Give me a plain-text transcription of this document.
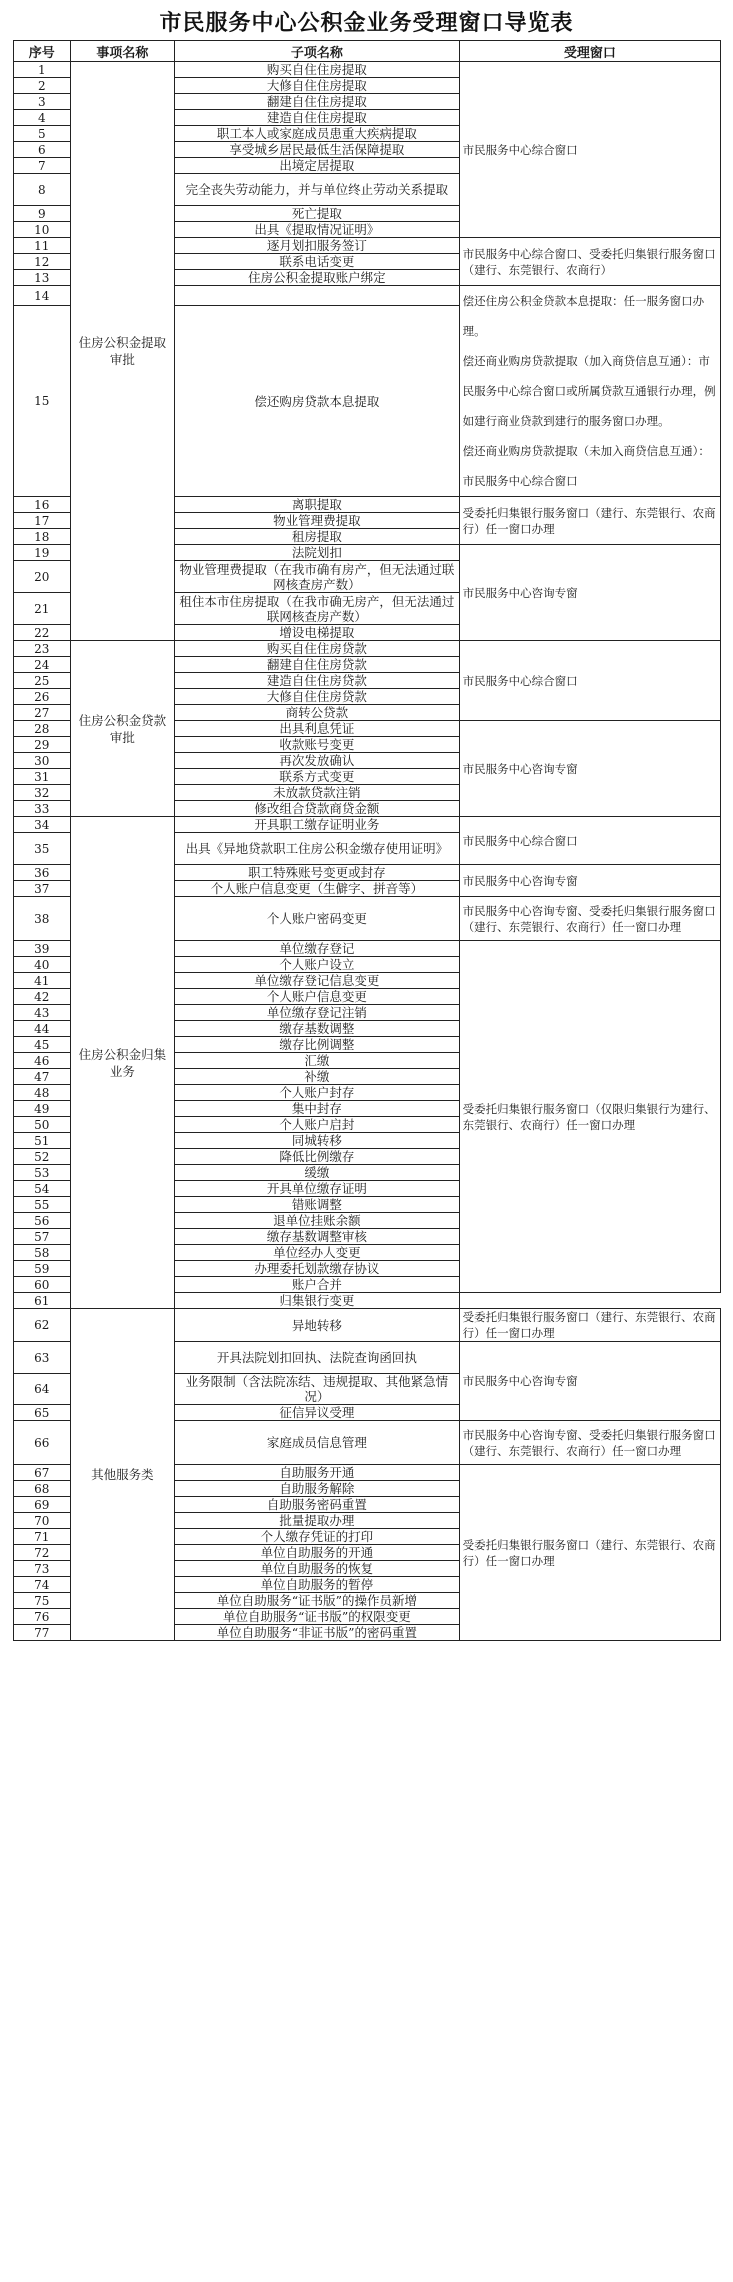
市民服务中心公积金业务受理窗口导览表
序号	事项名称	子项名称	受理窗口
1	住房公积金提取审批	购买自住住房提取	市民服务中心综合窗口
2		大修自住住房提取	
3		翻建自住住房提取	
4		建造自住住房提取	
5		职工本人或家庭成员患重大疾病提取	
6		享受城乡居民最低生活保障提取	
7		出境定居提取	
8		完全丧失劳动能力，并与单位终止劳动关系提取	
9		死亡提取	
10		出具《提取情况证明》	
11		逐月划扣服务签订	市民服务中心综合窗口、受委托归集银行服务窗口（建行、东莞银行、农商行）
12		联系电话变更	
13		住房公积金提取账户绑定	
14			偿还住房公积金贷款本息提取：任一服务窗口办理。
偿还商业购房贷款提取（加入商贷信息互通）：市民服务中心综合窗口或所属贷款互通银行办理，例如建行商业贷款到建行的服务窗口办理。
偿还商业购房贷款提取（未加入商贷信息互通）：市民服务中心综合窗口

15		偿还购房贷款本息提取	
16		离职提取	受委托归集银行服务窗口（建行、东莞银行、农商行）任一窗口办理
17		物业管理费提取	
18		租房提取	
19		法院划扣	市民服务中心咨询专窗
20		物业管理费提取（在我市确有房产，但无法通过联网核查房产数）	
21		租住本市住房提取（在我市确无房产，但无法通过联网核查房产数）	
22		增设电梯提取	
23	住房公积金贷款审批	购买自住住房贷款	市民服务中心综合窗口
24		翻建自住住房贷款	
25		建造自住住房贷款	
26		大修自住住房贷款	
27		商转公贷款	
28		出具利息凭证	市民服务中心咨询专窗
29		收款账号变更	
30		再次发放确认	
31		联系方式变更	
32		未放款贷款注销	
33		修改组合贷款商贷金额	
34	住房公积金归集业务	开具职工缴存证明业务	市民服务中心综合窗口
35		出具《异地贷款职工住房公积金缴存使用证明》	
36		职工特殊账号变更或封存	市民服务中心咨询专窗
37		个人账户信息变更（生僻字、拼音等）	
38		个人账户密码变更	市民服务中心咨询专窗、受委托归集银行服务窗口（建行、东莞银行、农商行）任一窗口办理
39		单位缴存登记	受委托归集银行服务窗口（仅限归集银行为建行、东莞银行、农商行）任一窗口办理
40		个人账户设立	
41		单位缴存登记信息变更	
42		个人账户信息变更	
43		单位缴存登记注销	
44		缴存基数调整	
45		缴存比例调整	
46		汇缴	
47		补缴	
48		个人账户封存	
49		集中封存	
50		个人账户启封	
51		同城转移	
52		降低比例缴存	
53		缓缴	
54		开具单位缴存证明	
55		错账调整	
56		退单位挂账余额	
57		缴存基数调整审核	
58		单位经办人变更	
59		办理委托划款缴存协议	
60		账户合并	
61		归集银行变更	
62	其他服务类	异地转移	受委托归集银行服务窗口（建行、东莞银行、农商行）任一窗口办理
63		开具法院划扣回执、法院查询函回执	市民服务中心咨询专窗
64		业务限制（含法院冻结、违规提取、其他紧急情况）	
65		征信异议受理	
66		家庭成员信息管理	市民服务中心咨询专窗、受委托归集银行服务窗口（建行、东莞银行、农商行）任一窗口办理
67		自助服务开通	受委托归集银行服务窗口（建行、东莞银行、农商行）任一窗口办理
68		自助服务解除	
69		自助服务密码重置	
70		批量提取办理	
71		个人缴存凭证的打印	
72		单位自助服务的开通	
73		单位自助服务的恢复	
74		单位自助服务的暂停	
75		单位自助服务“证书版”的操作员新增	
76		单位自助服务“证书版”的权限变更	
77		单位自助服务“非证书版”的密码重置	
